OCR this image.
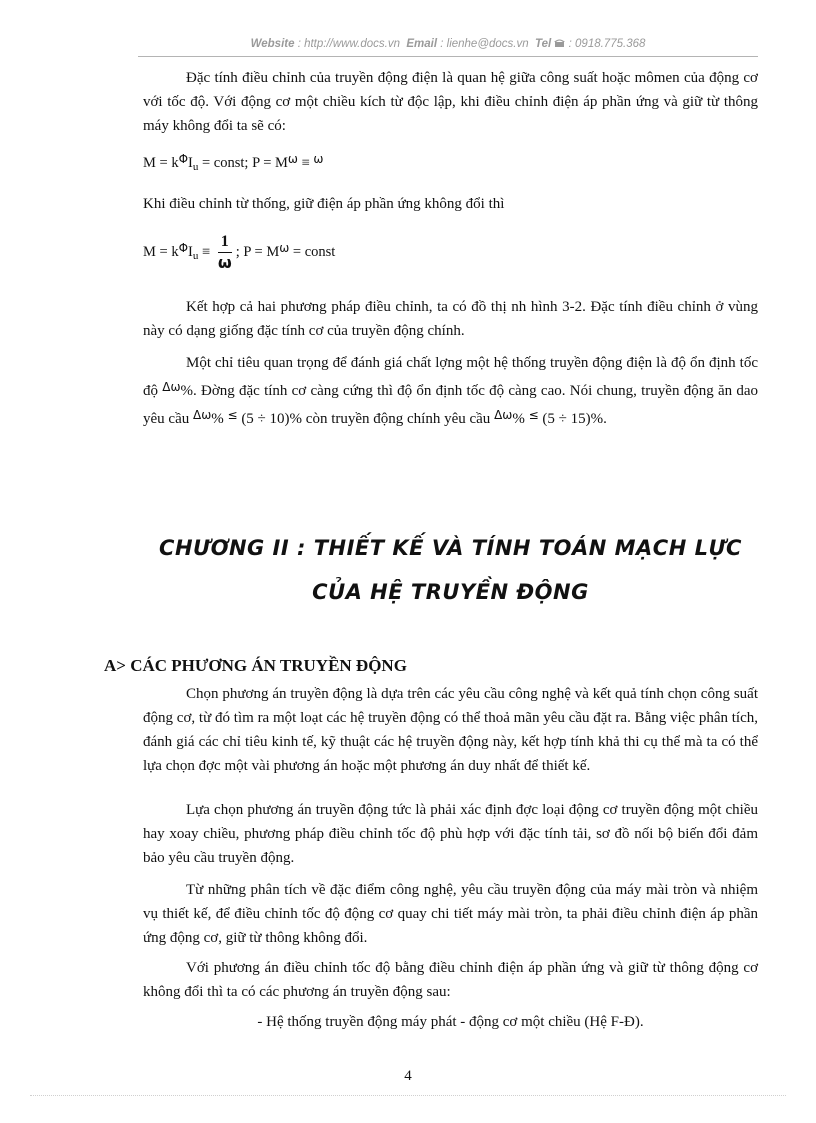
Website : http://www.docs.vn Email : lienhe@docs.vn Tel : 0918.775.368

Đặc tính điều chỉnh của truyền động điện là quan hệ giữa công suất hoặc mômen của động cơ với tốc độ. Với động cơ một chiều kích từ độc lập, khi điều chỉnh điện áp phần ứng và giữ từ thông máy không đổi ta sẽ có:

$M = k^\Phi I_u$ = const; $P = M^\omega \equiv ^\omega$

Khi điều chỉnh từ thống, giữ điện áp phần ứng không đổi thì

$M = k^\Phi I_u \equiv \frac{1}{\omega}$ ; $P = M^\omega$ = const

Kết hợp cả hai phương pháp điều chỉnh, ta có đồ thị nh hình 3-2. Đặc tính điều chỉnh ở vùng này có dạng giống đặc tính cơ của truyền động chính.

Một chỉ tiêu quan trọng để đánh giá chất lợng một hệ thống truyền động điện là độ ổn định tốc độ $^{\Delta\omega}$%. Đờng đặc tính cơ càng cứng thì độ ổn định tốc độ càng cao. Nói chung, truyền động ăn dao yêu cầu $^{\Delta\omega}$% ≤ (5 ÷ 10)% còn truyền động chính yêu cầu $^{\Delta\omega}$% ≤ (5 ÷ 15)%.

CHƯƠNG II : THIẾT KẾ VÀ TÍNH TOÁN MẠCH LỰC
CỦA HỆ TRUYỀN ĐỘNG
A> CÁC PHƯƠNG ÁN TRUYỀN ĐỘNG

Chọn phương án truyền động là dựa trên các yêu cầu công nghệ và kết quả tính chọn công suất động cơ, từ đó tìm ra một loạt các hệ truyền động có thể thoả mãn yêu cầu đặt ra. Bằng việc phân tích, đánh giá các chỉ tiêu kinh tế, kỹ thuật các hệ truyền động này, kết hợp tính khả thi cụ thể mà ta có thể lựa chọn đợc một vài phương án hoặc một phương án duy nhất để thiết kế.

Lựa chọn phương án truyền động tức là phải xác định đợc loại động cơ truyền động một chiều hay xoay chiều, phương pháp điều chỉnh tốc độ phù hợp với đặc tính tải, sơ đồ nối bộ biến đổi đảm bảo yêu cầu truyền động.

Từ những phân tích về đặc điểm công nghệ, yêu cầu truyền động của máy mài tròn và nhiệm vụ thiết kế, để điều chỉnh tốc độ động cơ quay chi tiết máy mài tròn, ta phải điều chỉnh điện áp phần ứng động cơ, giữ từ thông không đổi.

Với phương án điều chỉnh tốc độ bằng điều chỉnh điện áp phần ứng và giữ từ thông động cơ không đổi thì ta có các phương án truyền động sau:

- Hệ thống truyền động máy phát - động cơ một chiều (Hệ F-Đ).
4
